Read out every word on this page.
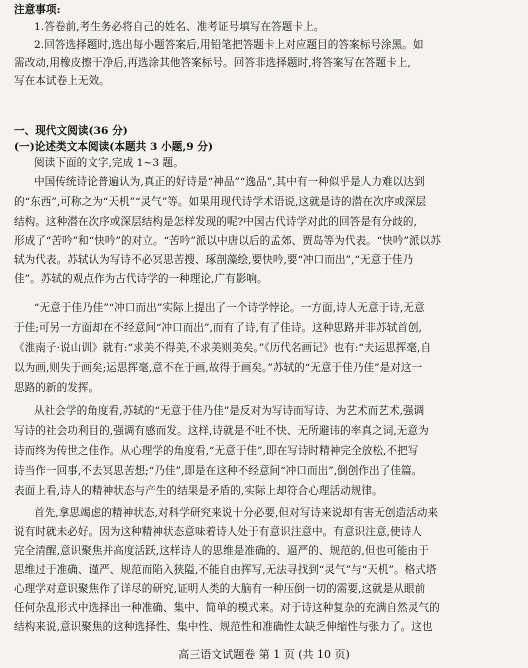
注意事项:
1.答卷前,考生务必将自己的姓名、准考证号填写在答题卡上。
2.回答选择题时,选出每小题答案后,用铅笔把答题卡上对应题目的答案标号涂黑。如
需改动,用橡皮擦干净后,再选涂其他答案标号。回答非选择题时,将答案写在答题卡上,
写在本试卷上无效。
一、现代文阅读(36 分)
(一)论述类文本阅读(本题共 3 小题,9 分)
阅读下面的文字,完成 1~3 题。
中国传统诗论普遍认为,真正的好诗是“神品”“逸品”,其中有一种似乎是人力难以达到
的“东西”,可称之为“天机”“灵气”等。如果用现代诗学术语说,这就是诗的潜在次序或深层
结构。这种潜在次序或深层结构是怎样发现的呢?中国古代诗学对此的回答是有分歧的,
形成了“苦吟”和“快吟”的对立。“苦吟”派以中唐以后的孟郊、贾岛等为代表。“快吟”派以苏
轼为代表。苏轼认为写诗不必冥思苦搜、琢剖藻绘,要快吟,要“冲口而出”,“无意于佳乃
佳”。苏轼的观点作为古代诗学的一种理论,广有影响。
“无意于佳乃佳”“冲口而出”实际上提出了一个诗学悖论。一方面,诗人无意于诗,无意
于佳;可另一方面却在不经意间“冲口而出”,而有了诗,有了佳诗。这种思路并非苏轼首创,
《淮南子·说山训》就有:“求美不得美,不求美则美矣。”《历代名画记》也有:“夫运思挥毫,自
以为画,则失于画矣;运思挥毫,意不在于画,故得于画矣。”苏轼的“无意于佳乃佳”是对这一
思路的新的发挥。
从社会学的角度看,苏轼的“无意于佳乃佳”是反对为写诗而写诗、为艺术而艺术,强调
写诗的社会功利目的,强调有感而发。这样,诗就是不吐不快、无所避讳的率真之词,无意为
诗而终为传世之佳作。从心理学的角度看,“无意于佳”,即在写诗时精神完全放松,不把写
诗当作一回事,不去冥思苦想;“乃佳”,即是在这种不经意间“冲口而出”,倒创作出了佳篇。
表面上看,诗人的精神状态与产生的结果是矛盾的,实际上却符合心理活动规律。
首先,拿思竭虑的精神状态,对科学研究来说十分必要,但对写诗来说却有害无创造活动来
说有时就未必好。因为这种精神状态意味着诗人处于有意识注意中。有意识注意,使诗人
完全清醒,意识聚焦并高度活跃,这样诗人的思维是准确的、逼严的、规范的,但也可能由于
思维过于准确、谨严、规范而陷入狭隘,不能自由挥写,无法寻找到“灵气”与“天机”。格式塔
心理学对意识聚焦作了详尽的研究,证明人类的大脑有一种压倒一切的需要,这就是从眼前
任何杂乱形式中选择出一种准确、集中、简单的模式来。对于诗这种复杂的充满自然灵气的
结构来说,意识聚焦的这种选择性、集中性、规范性和准确性太缺乏伸缩性与张力了。这也
高三语文试题卷 第 1 页 (共 10 页)
